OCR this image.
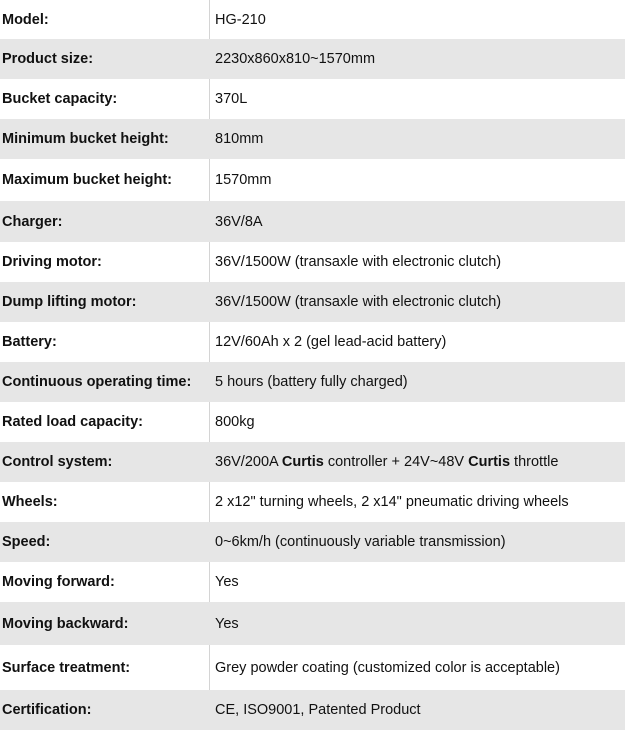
Model:	HG-210
Product size:	2230x860x810~1570mm
Bucket capacity:	370L
Minimum bucket height:	810mm
Maximum bucket height:	1570mm
Charger:	36V/8A
Driving motor:	36V/1500W (transaxle with electronic clutch)
Dump lifting motor:	36V/1500W (transaxle with electronic clutch)
Battery:	12V/60Ah x 2 (gel lead-acid battery)
Continuous operating time:	5 hours (battery fully charged)
Rated load capacity:	800kg
Control system:	36V/200A Curtis controller + 24V~48V Curtis throttle
Wheels:	2 x12" turning wheels, 2 x14" pneumatic driving wheels
Speed:	0~6km/h (continuously variable transmission)
Moving forward:	Yes
Moving backward:	Yes
Surface treatment:	Grey powder coating (customized color is acceptable)
Certification:	CE, ISO9001, Patented Product
